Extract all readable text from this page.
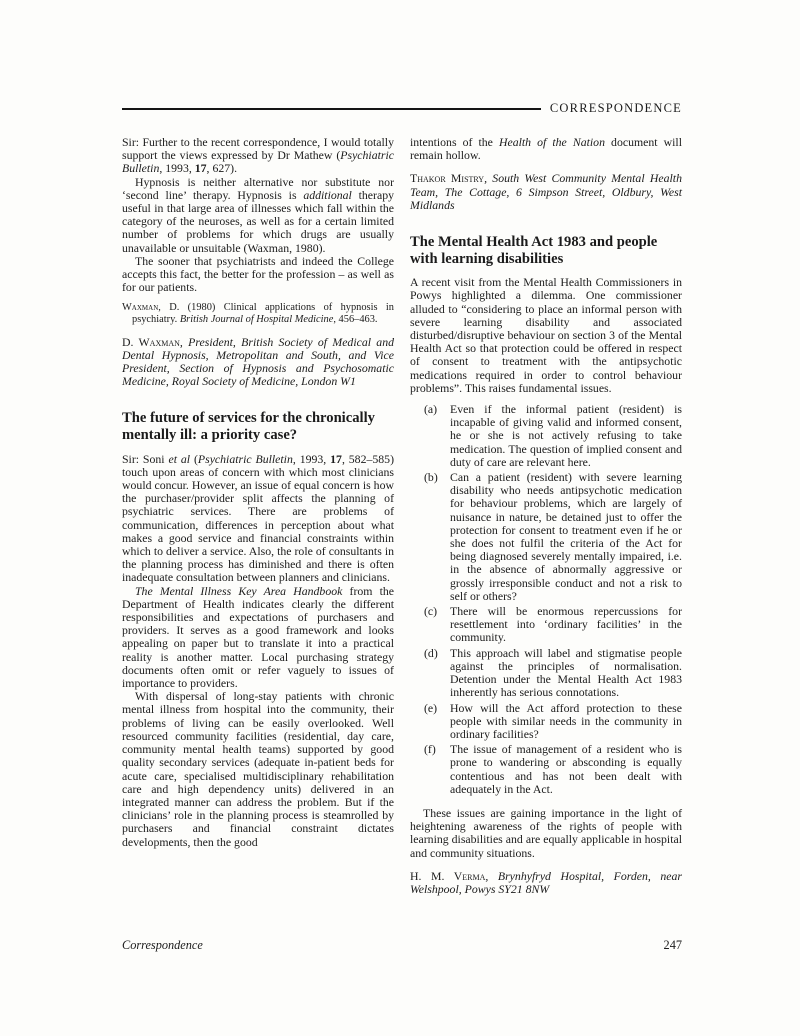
CORRESPONDENCE
Sir: Further to the recent correspondence, I would totally support the views expressed by Dr Mathew (Psychiatric Bulletin, 1993, 17, 627).
Hypnosis is neither alternative nor substitute nor ‘second line’ therapy. Hypnosis is additional therapy useful in that large area of illnesses which fall within the category of the neuroses, as well as for a certain limited number of problems for which drugs are usually unavailable or unsuitable (Waxman, 1980).
The sooner that psychiatrists and indeed the College accepts this fact, the better for the profession – as well as for our patients.
Waxman, D. (1980) Clinical applications of hypnosis in psychiatry. British Journal of Hospital Medicine, 456–463.
D. Waxman, President, British Society of Medical and Dental Hypnosis, Metropolitan and South, and Vice President, Section of Hypnosis and Psychosomatic Medicine, Royal Society of Medicine, London W1
The future of services for the chronically mentally ill: a priority case?
Sir: Soni et al (Psychiatric Bulletin, 1993, 17, 582–585) touch upon areas of concern with which most clinicians would concur. However, an issue of equal concern is how the purchaser/provider split affects the planning of psychiatric services. There are problems of communication, differences in perception about what makes a good service and financial constraints within which to deliver a service. Also, the role of consultants in the planning process has diminished and there is often inadequate consultation between planners and clinicians.
The Mental Illness Key Area Handbook from the Department of Health indicates clearly the different responsibilities and expectations of purchasers and providers. It serves as a good framework and looks appealing on paper but to translate it into a practical reality is another matter. Local purchasing strategy documents often omit or refer vaguely to issues of importance to providers.
With dispersal of long-stay patients with chronic mental illness from hospital into the community, their problems of living can be easily overlooked. Well resourced community facilities (residential, day care, community mental health teams) supported by good quality secondary services (adequate in-patient beds for acute care, specialised multidisciplinary rehabilitation care and high dependency units) delivered in an integrated manner can address the problem. But if the clinicians’ role in the planning process is steamrolled by purchasers and financial constraint dictates developments, then the good
intentions of the Health of the Nation document will remain hollow.
Thakor Mistry, South West Community Mental Health Team, The Cottage, 6 Simpson Street, Oldbury, West Midlands
The Mental Health Act 1983 and people with learning disabilities
A recent visit from the Mental Health Commissioners in Powys highlighted a dilemma. One commissioner alluded to “considering to place an informal person with severe learning disability and associated disturbed/disruptive behaviour on section 3 of the Mental Health Act so that protection could be offered in respect of consent to treatment with the antipsychotic medications required in order to control behaviour problems”. This raises fundamental issues.
(a)	Even if the informal patient (resident) is incapable of giving valid and informed consent, he or she is not actively refusing to take medication. The question of implied consent and duty of care are relevant here.
(b)	Can a patient (resident) with severe learning disability who needs antipsychotic medication for behaviour problems, which are largely of nuisance in nature, be detained just to offer the protection for consent to treatment even if he or she does not fulfil the criteria of the Act for being diagnosed severely mentally impaired, i.e. in the absence of abnormally aggressive or grossly irresponsible conduct and not a risk to self or others?
(c)	There will be enormous repercussions for resettlement into ‘ordinary facilities’ in the community.
(d)	This approach will label and stigmatise people against the principles of normalisation. Detention under the Mental Health Act 1983 inherently has serious connotations.
(e)	How will the Act afford protection to these people with similar needs in the community in ordinary facilities?
(f)	The issue of management of a resident who is prone to wandering or absconding is equally contentious and has not been dealt with adequately in the Act.
These issues are gaining importance in the light of heightening awareness of the rights of people with learning disabilities and are equally applicable in hospital and community situations.
H. M. Verma, Brynhyfryd Hospital, Forden, near Welshpool, Powys SY21 8NW
Correspondence	247
